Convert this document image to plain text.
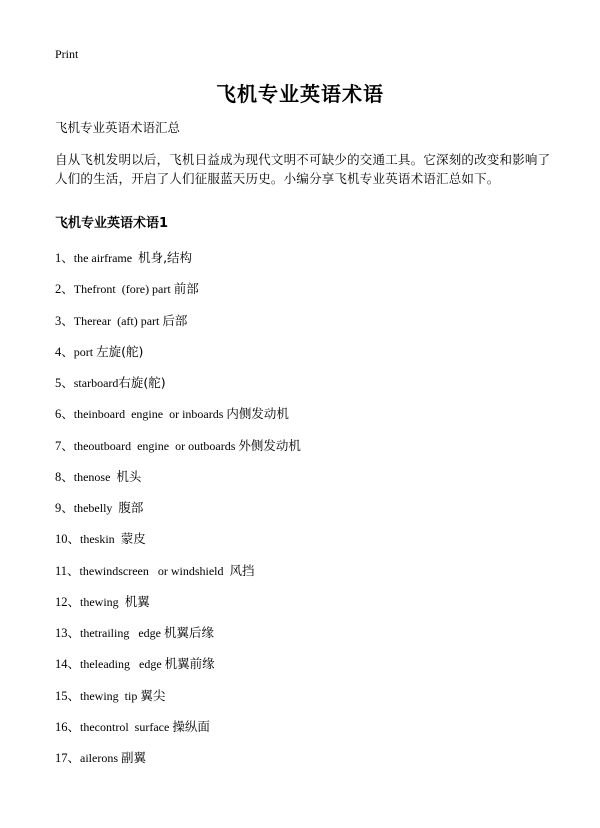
Print
飞机专业英语术语
飞机专业英语术语汇总
自从飞机发明以后，飞机日益成为现代文明不可缺少的交通工具。它深刻的改变和影响了人们的生活，开启了人们征服蓝天历史。小编分享飞机专业英语术语汇总如下。
飞机专业英语术语1
1、the airframe  机身,结构
2、Thefront  (fore) part 前部
3、Therear  (aft) part 后部
4、port 左旋(舵)
5、starboard右旋(舵)
6、theinboard  engine  or inboards 内侧发动机
7、theoutboard  engine  or outboards 外侧发动机
8、thenose  机头
9、thebelly  腹部
10、theskin  蒙皮
11、thewindscreen   or windshield  风挡
12、thewing  机翼
13、thetrailing   edge 机翼后缘
14、theleading   edge 机翼前缘
15、thewing  tip 翼尖
16、thecontrol  surface 操纵面
17、ailerons 副翼
